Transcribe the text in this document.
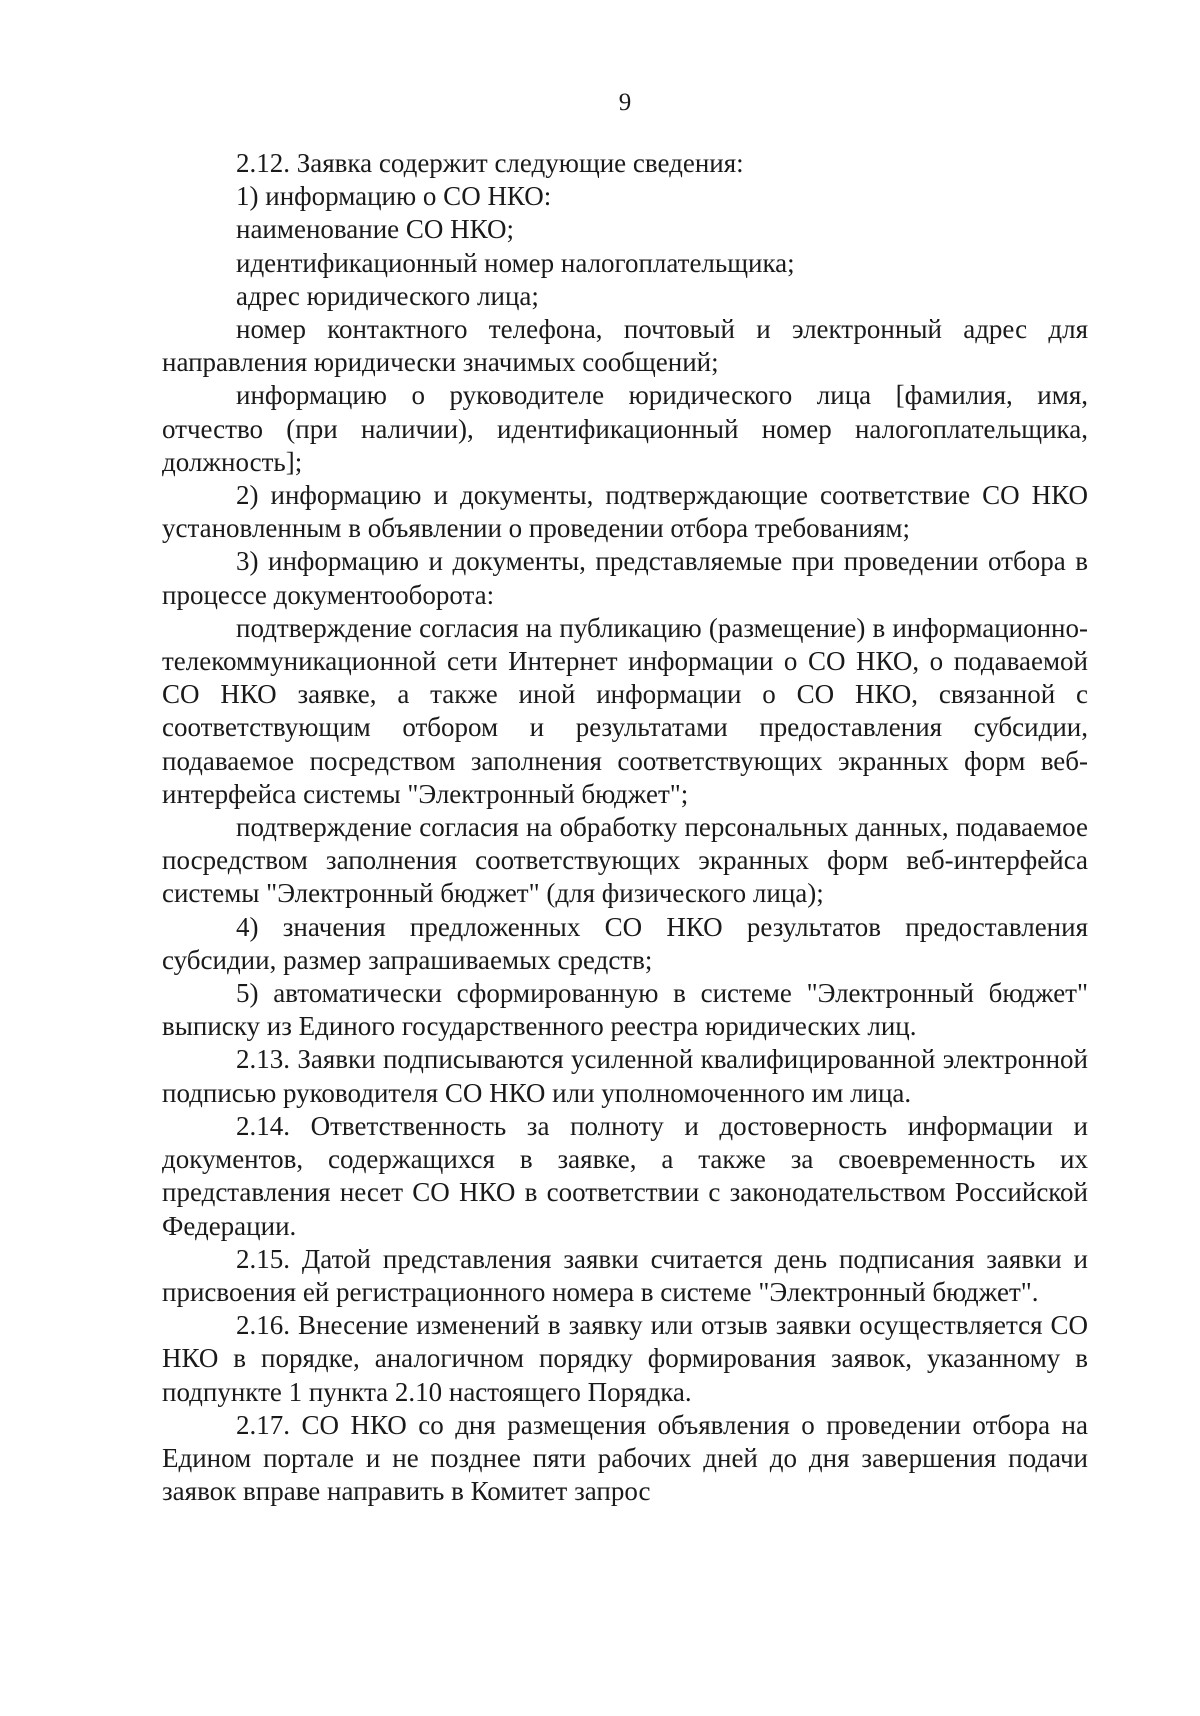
9

2.12. Заявка содержит следующие сведения:

1) информацию о СО НКО:

наименование СО НКО;

идентификационный номер налогоплательщика;

адрес юридического лица;

номер контактного телефона, почтовый и электронный адрес для направления юридически значимых сообщений;

информацию о руководителе юридического лица [фамилия, имя, отчество (при наличии), идентификационный номер налогоплательщика, должность];

2) информацию и документы, подтверждающие соответствие СО НКО установленным в объявлении о проведении отбора требованиям;

3) информацию и документы, представляемые при проведении отбора в процессе документооборота:

подтверждение согласия на публикацию (размещение) в информационно-телекоммуникационной сети Интернет информации о СО НКО, о подаваемой СО НКО заявке, а также иной информации о СО НКО, связанной с соответствующим отбором и результатами предоставления субсидии, подаваемое посредством заполнения соответствующих экранных форм веб-интерфейса системы "Электронный бюджет";

подтверждение согласия на обработку персональных данных, подаваемое посредством заполнения соответствующих экранных форм веб-интерфейса системы "Электронный бюджет" (для физического лица);

4) значения предложенных СО НКО результатов предоставления субсидии, размер запрашиваемых средств;

5) автоматически сформированную в системе "Электронный бюджет" выписку из Единого государственного реестра юридических лиц.

2.13. Заявки подписываются усиленной квалифицированной электронной подписью руководителя СО НКО или уполномоченного им лица.

2.14. Ответственность за полноту и достоверность информации и документов, содержащихся в заявке, а также за своевременность их представления несет СО НКО в соответствии с законодательством Российской Федерации.

2.15. Датой представления заявки считается день подписания заявки и присвоения ей регистрационного номера в системе "Электронный бюджет".

2.16. Внесение изменений в заявку или отзыв заявки осуществляется СО НКО в порядке, аналогичном порядку формирования заявок, указанному в подпункте 1 пункта 2.10 настоящего Порядка.

2.17. СО НКО со дня размещения объявления о проведении отбора на Едином портале и не позднее пяти рабочих дней до дня завершения подачи заявок вправе направить в Комитет запрос
